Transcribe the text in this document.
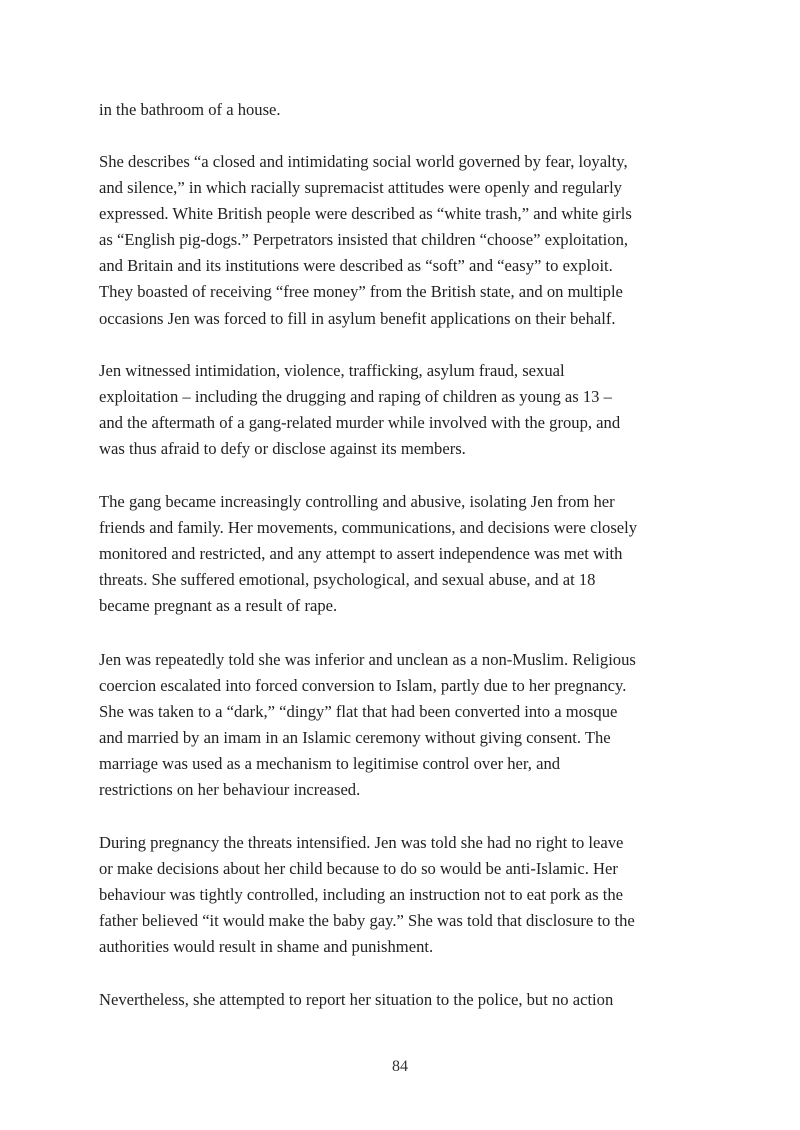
in the bathroom of a house.
She describes “a closed and intimidating social world governed by fear, loyalty,
and silence,” in which racially supremacist attitudes were openly and regularly
expressed. White British people were described as “white trash,” and white girls
as “English pig-dogs.” Perpetrators insisted that children “choose” exploitation,
and Britain and its institutions were described as “soft” and “easy” to exploit.
They boasted of receiving “free money” from the British state, and on multiple
occasions Jen was forced to fill in asylum benefit applications on their behalf.
Jen witnessed intimidation, violence, trafficking, asylum fraud, sexual
exploitation – including the drugging and raping of children as young as 13 –
and the aftermath of a gang-related murder while involved with the group, and
was thus afraid to defy or disclose against its members.
The gang became increasingly controlling and abusive, isolating Jen from her
friends and family. Her movements, communications, and decisions were closely
monitored and restricted, and any attempt to assert independence was met with
threats. She suffered emotional, psychological, and sexual abuse, and at 18
became pregnant as a result of rape.
Jen was repeatedly told she was inferior and unclean as a non-Muslim. Religious
coercion escalated into forced conversion to Islam, partly due to her pregnancy.
She was taken to a “dark,” “dingy” flat that had been converted into a mosque
and married by an imam in an Islamic ceremony without giving consent. The
marriage was used as a mechanism to legitimise control over her, and
restrictions on her behaviour increased.
During pregnancy the threats intensified. Jen was told she had no right to leave
or make decisions about her child because to do so would be anti-Islamic. Her
behaviour was tightly controlled, including an instruction not to eat pork as the
father believed “it would make the baby gay.” She was told that disclosure to the
authorities would result in shame and punishment.
Nevertheless, she attempted to report her situation to the police, but no action
84
